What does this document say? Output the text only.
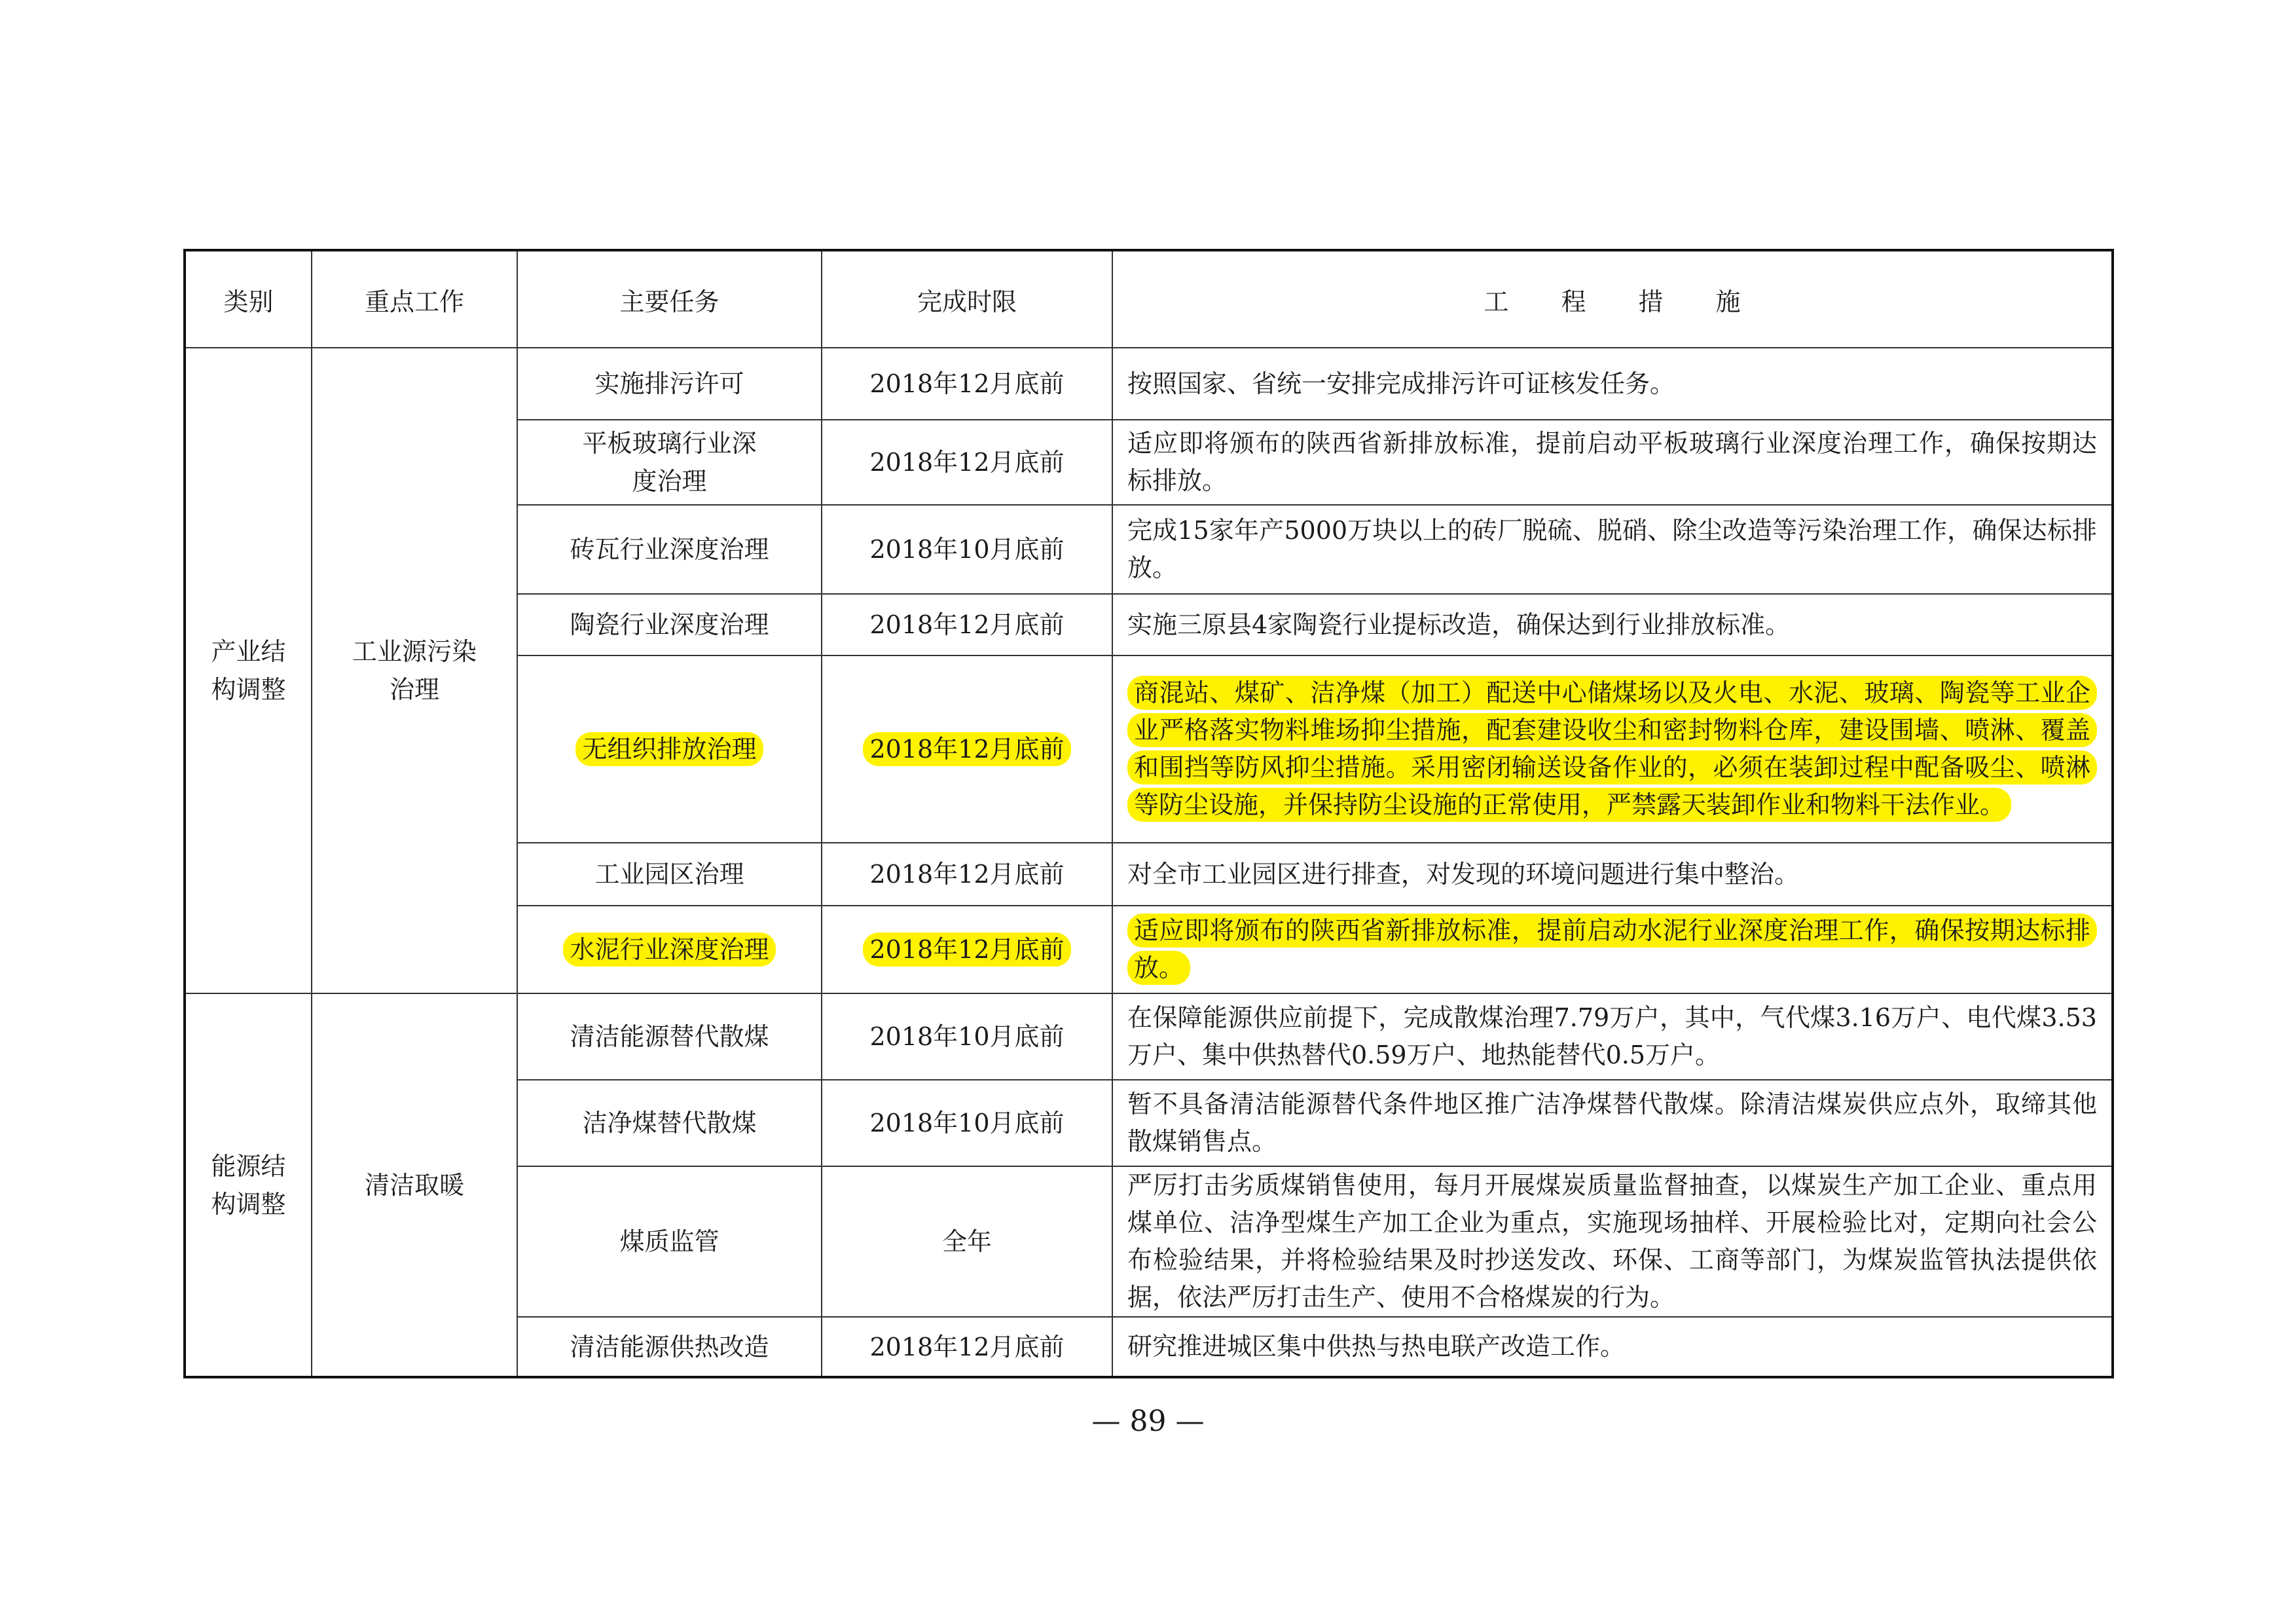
类别	重点工作	主要任务	完成时限	工程措施

产业结构调整	工业源污染治理	实施排污许可	2018年12月底前	按照国家、省统一安排完成排污许可证核发任务。

		平板玻璃行业深度治理	2018年12月底前	适应即将颁布的陕西省新排放标准，提前启动平板玻璃行业深度治理工作，确保按期达标排放。
		砖瓦行业深度治理	2018年10月底前	完成15家年产5000万块以上的砖厂脱硫、脱硝、除尘改造等污染治理工作，确保达标排放。
		陶瓷行业深度治理	2018年12月底前	实施三原县4家陶瓷行业提标改造，确保达到行业排放标准。
		无组织排放治理	2018年12月底前	商混站、煤矿、洁净煤（加工）配送中心储煤场以及火电、水泥、玻璃、陶瓷等工业企业严格落实物料堆场抑尘措施，配套建设收尘和密封物料仓库，建设围墙、喷淋、覆盖和围挡等防风抑尘措施。采用密闭输送设备作业的，必须在装卸过程中配备吸尘、喷淋等防尘设施，并保持防尘设施的正常使用，严禁露天装卸作业和物料干法作业。
		工业园区治理	2018年12月底前	对全市工业园区进行排查，对发现的环境问题进行集中整治。
		水泥行业深度治理	2018年12月底前	适应即将颁布的陕西省新排放标准，提前启动水泥行业深度治理工作，确保按期达标排放。

能源结构调整	清洁取暖	清洁能源替代散煤	2018年10月底前	在保障能源供应前提下，完成散煤治理7.79万户，其中，气代煤3.16万户、电代煤3.53万户、集中供热替代0.59万户、地热能替代0.5万户。
		洁净煤替代散煤	2018年10月底前	暂不具备清洁能源替代条件地区推广洁净煤替代散煤。除清洁煤炭供应点外，取缔其他散煤销售点。
		煤质监管	全年	严厉打击劣质煤销售使用，每月开展煤炭质量监督抽查，以煤炭生产加工企业、重点用煤单位、洁净型煤生产加工企业为重点，实施现场抽样、开展检验比对，定期向社会公布检验结果，并将检验结果及时抄送发改、环保、工商等部门，为煤炭监管执法提供依据，依法严厉打击生产、使用不合格煤炭的行为。
		清洁能源供热改造	2018年12月底前	研究推进城区集中供热与热电联产改造工作。
— 89 —
